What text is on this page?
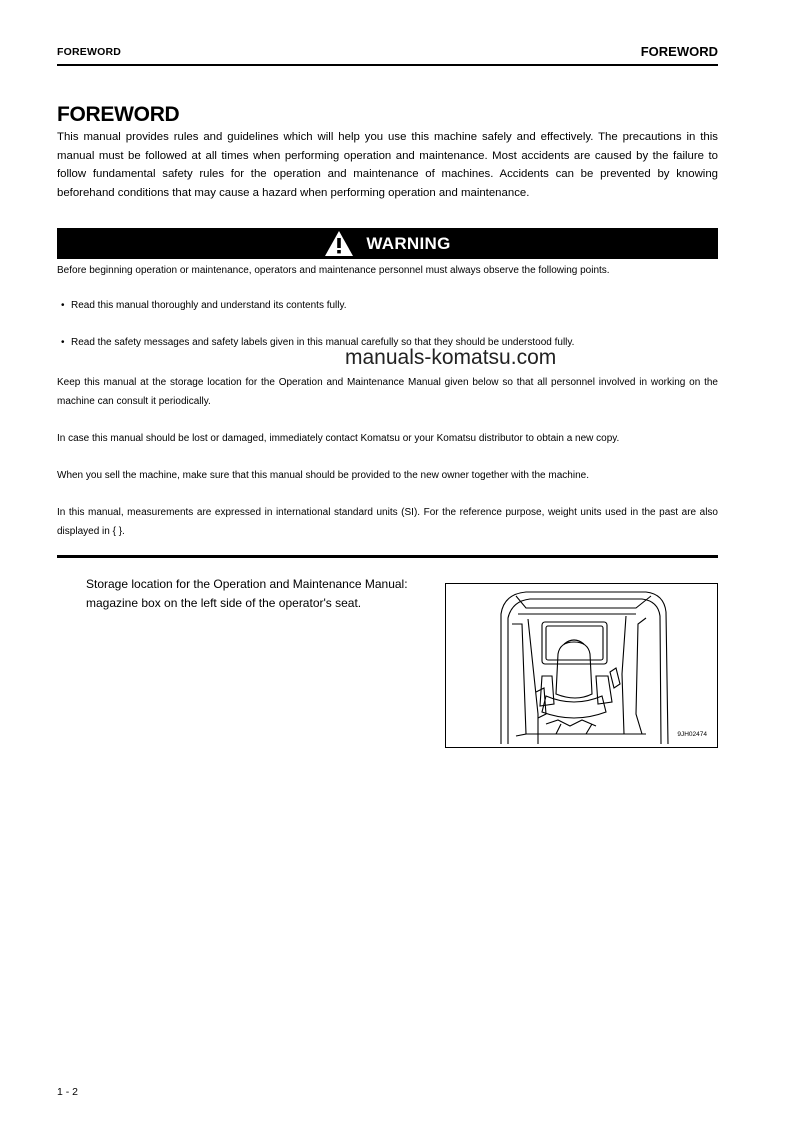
FOREWORD	FOREWORD
FOREWORD
This manual provides rules and guidelines which will help you use this machine safely and effectively. The precautions in this manual must be followed at all times when performing operation and maintenance. Most accidents are caused by the failure to follow fundamental safety rules for the operation and maintenance of machines. Accidents can be prevented by knowing beforehand conditions that may cause a hazard when performing operation and maintenance.
WARNING
Before beginning operation or maintenance, operators and maintenance personnel must always observe the following points.
• Read this manual thoroughly and understand its contents fully.
• Read the safety messages and safety labels given in this manual carefully so that they should be understood fully.
manuals-komatsu.com
Keep this manual at the storage location for the Operation and Maintenance Manual given below so that all personnel involved in working on the machine can consult it periodically.
In case this manual should be lost or damaged, immediately contact Komatsu or your Komatsu distributor to obtain a new copy.
When you sell the machine, make sure that this manual should be provided to the new owner together with the machine.
In this manual, measurements are expressed in international standard units (SI). For the reference purpose, weight units used in the past are also displayed in { }.
Storage location for the Operation and Maintenance Manual:
magazine box on the left side of the operator's seat.
9JH02474
1 - 2
